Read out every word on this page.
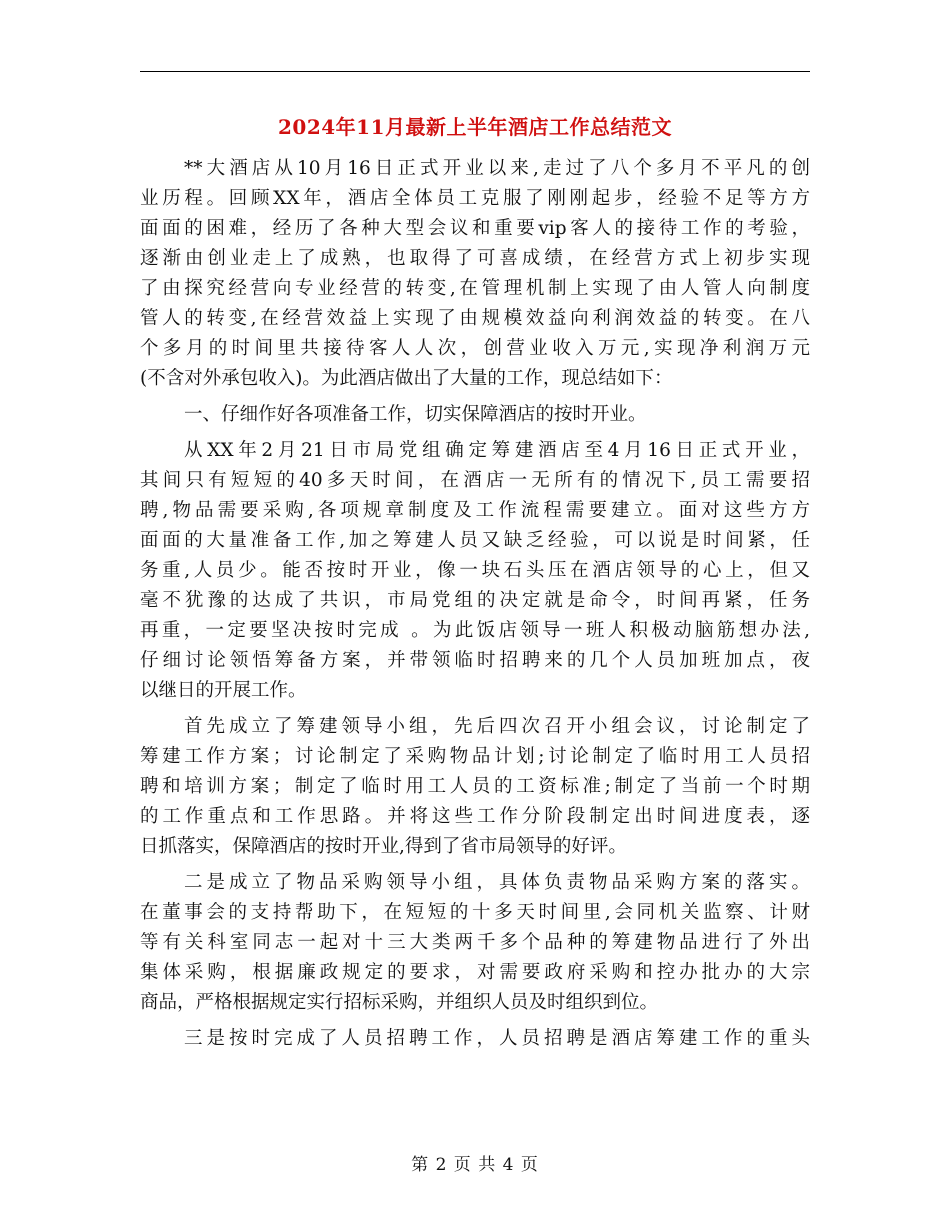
2024年11月最新上半年酒店工作总结范文
**大酒店从10月16日正式开业以来,走过了八个多月不平凡的创
业历程。回顾XX年，酒店全体员工克服了刚刚起步，经验不足等方方
面面的困难，经历了各种大型会议和重要vip客人的接待工作的考验，
逐渐由创业走上了成熟，也取得了可喜成绩，在经营方式上初步实现
了由探究经营向专业经营的转变,在管理机制上实现了由人管人向制度
管人的转变,在经营效益上实现了由规模效益向利润效益的转变。在八
个多月的时间里共接待客人人次，创营业收入万元,实现净利润万元
(不含对外承包收入)。为此酒店做出了大量的工作，现总结如下：
一、仔细作好各项准备工作，切实保障酒店的按时开业。
从XX年2月21日市局党组确定筹建酒店至4月16日正式开业，
其间只有短短的40多天时间，在酒店一无所有的情况下,员工需要招
聘,物品需要采购,各项规章制度及工作流程需要建立。面对这些方方
面面的大量准备工作,加之筹建人员又缺乏经验，可以说是时间紧，任
务重,人员少。能否按时开业，像一块石头压在酒店领导的心上，但又
毫不犹豫的达成了共识，市局党组的决定就是命令，时间再紧，任务
再重，一定要坚决按时完成 。为此饭店领导一班人积极动脑筋想办法,
仔细讨论领悟筹备方案，并带领临时招聘来的几个人员加班加点，夜
以继日的开展工作。
首先成立了筹建领导小组，先后四次召开小组会议，讨论制定了
筹建工作方案；讨论制定了采购物品计划;讨论制定了临时用工人员招
聘和培训方案；制定了临时用工人员的工资标准;制定了当前一个时期
的工作重点和工作思路。并将这些工作分阶段制定出时间进度表，逐
日抓落实，保障酒店的按时开业,得到了省市局领导的好评。
二是成立了物品采购领导小组，具体负责物品采购方案的落实。
在董事会的支持帮助下，在短短的十多天时间里,会同机关监察、计财
等有关科室同志一起对十三大类两千多个品种的筹建物品进行了外出
集体采购，根据廉政规定的要求，对需要政府采购和控办批办的大宗
商品，严格根据规定实行招标采购，并组织人员及时组织到位。
三是按时完成了人员招聘工作，人员招聘是酒店筹建工作的重头
第 2 页 共 4 页
